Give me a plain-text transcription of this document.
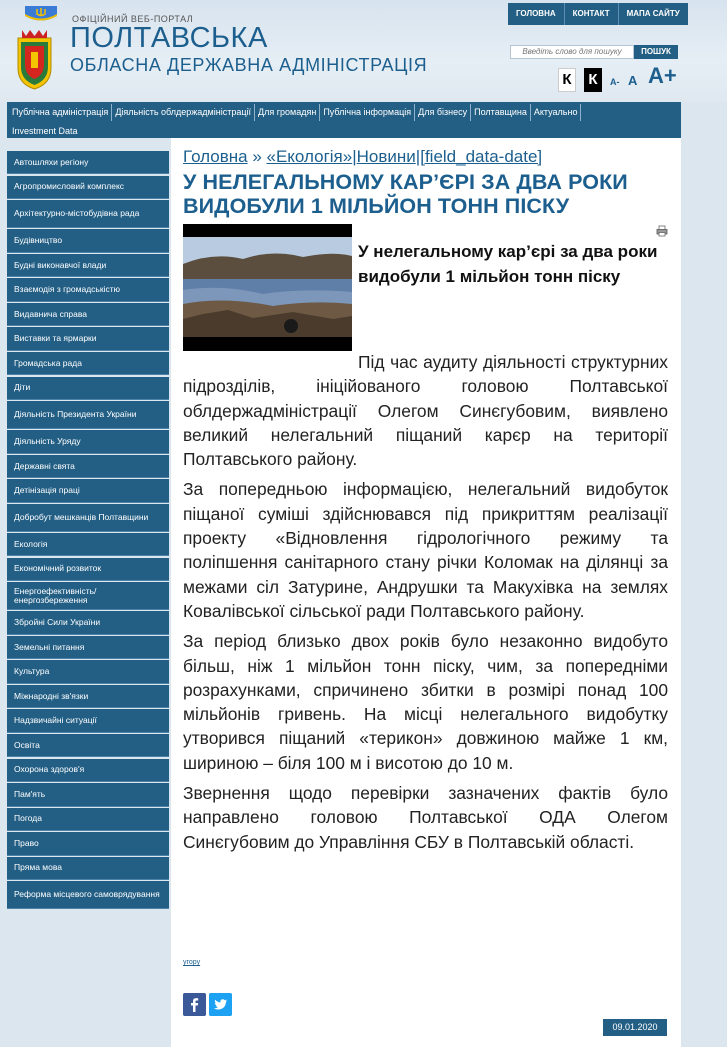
ОФІЦІЙНИЙ ВЕБ-ПОРТАЛ
ПОЛТАВСЬКА
ОБЛАСНА ДЕРЖАВНА АДМІНІСТРАЦІЯ
ГОЛОВНА	КОНТАКТ	МАПА САЙТУ
Введіть слово для пошуку	ПОШУК
К К	А- А А+
Публічна адміністрація Діяльність облдержадміністрації Для громадян Публічна інформація Для бізнесу Полтавщина Актуально
Investment Data
Автошляхи регіону
Агропромисловий комплекс
Архітектурно-містобудівна рада
Будівництво
Будні виконавчої влади
Взаємодія з громадськістю
Видавнича справа
Виставки та ярмарки
Громадська рада
Діти
Діяльність Президента України
Діяльність Уряду
Державні свята
Детінізація праці
Добробут мешканців Полтавщини
Екологія
Економічний розвиток
Енергоефективність/ енергозбереження
Збройні Сили України
Земельні питання
Культура
Міжнародні зв'язки
Надзвичайні ситуації
Освіта
Охорона здоров'я
Пам'ять
Погода
Право
Пряма мова
Реформа місцевого самоврядування
Головна » «Екологія»|Новини|[field_data-date]
У НЕЛЕГАЛЬНОМУ КАР’ЄРІ ЗА ДВА РОКИ ВИДОБУЛИ 1 МІЛЬЙОН ТОНН ПІСКУ
У нелегальному кар’єрі за два роки видобули 1 мільйон тонн піску

Під час аудиту діяльності структурних підрозділів, ініційованого головою Полтавської облдержадміністрації Олегом Синєгубовим, виявлено великий нелегальний піщаний карєр на території Полтавського району.

За попередньою інформацією, нелегальний видобуток піщаної суміші здійснювався під прикриттям реалізації проекту «Відновлення гідрологічного режиму та поліпшення санітарного стану річки Коломак на ділянці за межами сіл Затурине, Андрушки та Макухівка на землях Ковалівської сільської ради Полтавського району.

За період близько двох років було незаконно видобуто більш, ніж 1 мільйон тонн піску, чим, за попередніми розрахунками, спричинено збитки в розмірі понад 100 мільйонів гривень. На місці нелегального видобутку утворився піщаний «терикон» довжиною майже 1 км, шириною – біля 100 м і висотою до 10 м.

Звернення щодо перевірки зазначених фактів було направлено головою Полтавської ОДА Олегом Синєгубовим до Управління СБУ в Полтавській області.

угору
09.01.2020
